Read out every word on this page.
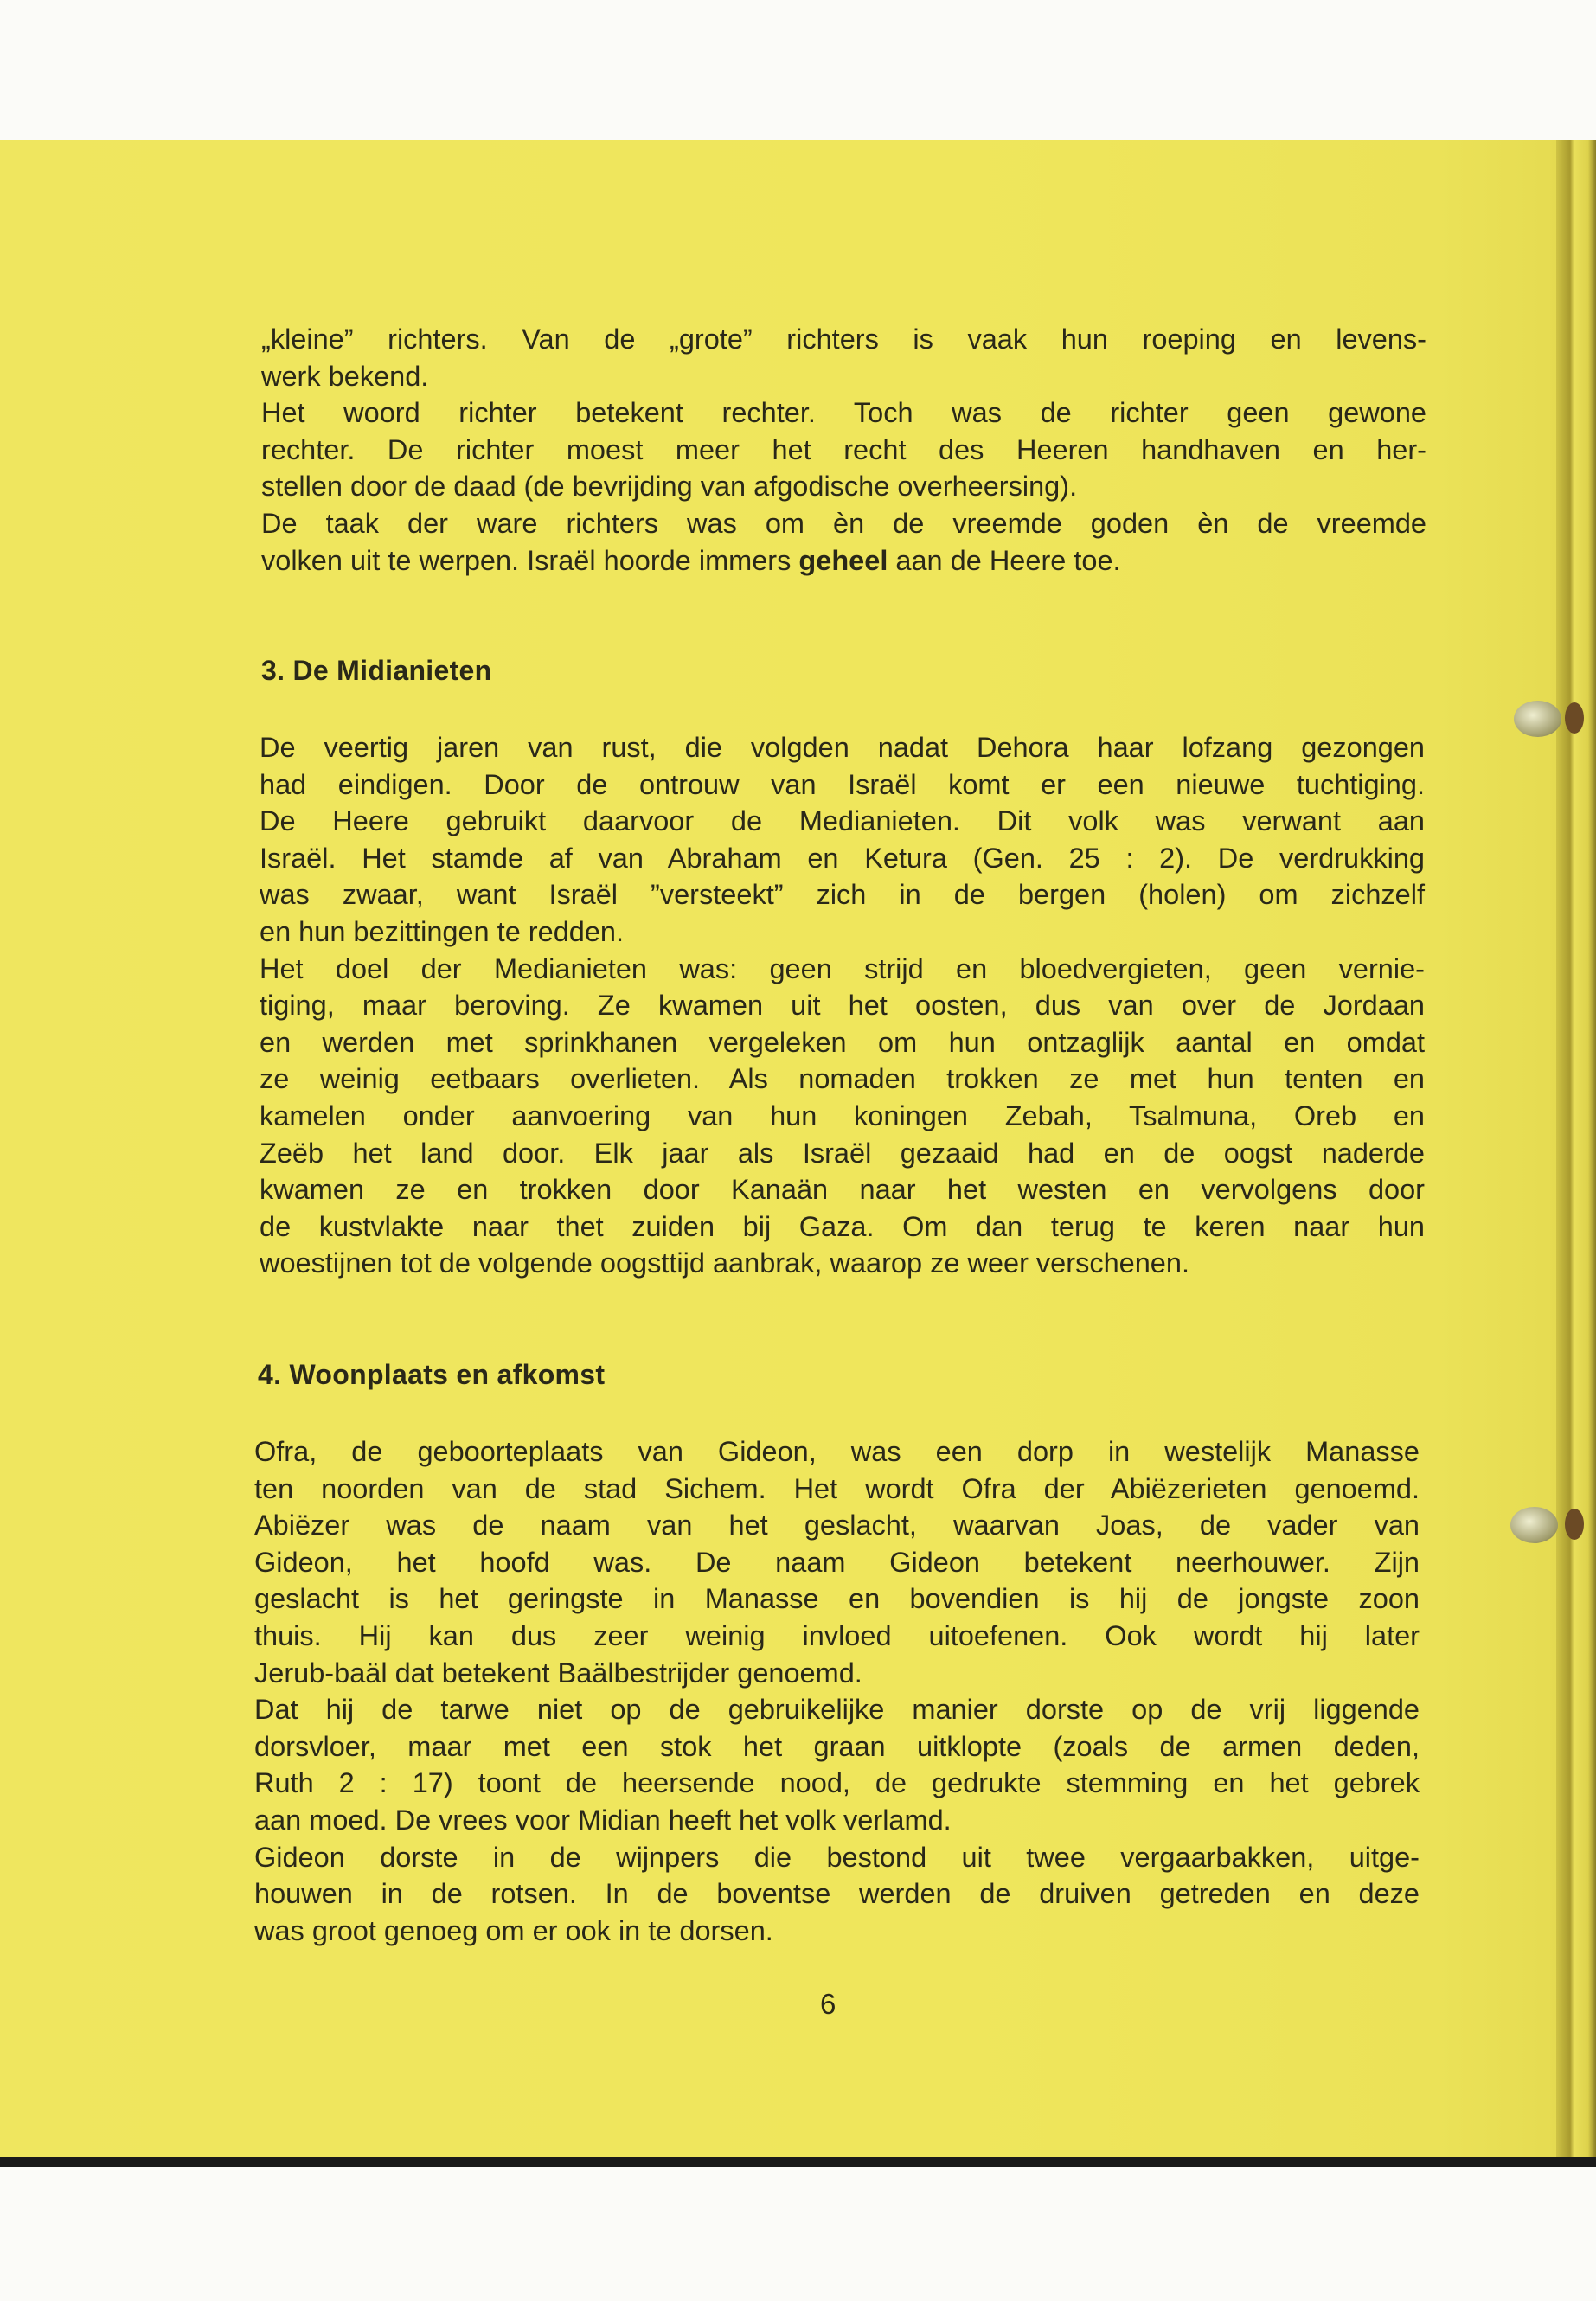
„kleine” richters. Van de „grote” richters is vaak hun roeping en levens-
werk bekend.
Het woord richter betekent rechter. Toch was de richter geen gewone
rechter. De richter moest meer het recht des Heeren handhaven en her-
stellen door de daad (de bevrijding van afgodische overheersing).
De taak der ware richters was om èn de vreemde goden èn de vreemde
volken uit te werpen. Israël hoorde immers geheel aan de Heere toe.
3. De Midianieten
De veertig jaren van rust, die volgden nadat Dehora haar lofzang gezongen
had eindigen. Door de ontrouw van Israël komt er een nieuwe tuchtiging.
De Heere gebruikt daarvoor de Medianieten. Dit volk was verwant aan
Israël. Het stamde af van Abraham en Ketura (Gen. 25 : 2). De verdrukking
was zwaar, want Israël ”versteekt” zich in de bergen (holen) om zichzelf
en hun bezittingen te redden.
Het doel der Medianieten was: geen strijd en bloedvergieten, geen vernie-
tiging, maar beroving. Ze kwamen uit het oosten, dus van over de Jordaan
en werden met sprinkhanen vergeleken om hun ontzaglijk aantal en omdat
ze weinig eetbaars overlieten. Als nomaden trokken ze met hun tenten en
kamelen onder aanvoering van hun koningen Zebah, Tsalmuna, Oreb en
Zeëb het land door. Elk jaar als Israël gezaaid had en de oogst naderde
kwamen ze en trokken door Kanaän naar het westen en vervolgens door
de kustvlakte naar thet zuiden bij Gaza. Om dan terug te keren naar hun
woestijnen tot de volgende oogsttijd aanbrak, waarop ze weer verschenen.
4. Woonplaats en afkomst
Ofra, de geboorteplaats van Gideon, was een dorp in westelijk Manasse
ten noorden van de stad Sichem. Het wordt Ofra der Abiëzerieten genoemd.
Abiëzer was de naam van het geslacht, waarvan Joas, de vader van
Gideon, het hoofd was. De naam Gideon betekent neerhouwer. Zijn
geslacht is het geringste in Manasse en bovendien is hij de jongste zoon
thuis. Hij kan dus zeer weinig invloed uitoefenen. Ook wordt hij later
Jerub-baäl dat betekent Baälbestrijder genoemd.
Dat hij de tarwe niet op de gebruikelijke manier dorste op de vrij liggende
dorsvloer, maar met een stok het graan uitklopte (zoals de armen deden,
Ruth 2 : 17) toont de heersende nood, de gedrukte stemming en het gebrek
aan moed. De vrees voor Midian heeft het volk verlamd.
Gideon dorste in de wijnpers die bestond uit twee vergaarbakken, uitge-
houwen in de rotsen. In de boventse werden de druiven getreden en deze
was groot genoeg om er ook in te dorsen.
6
